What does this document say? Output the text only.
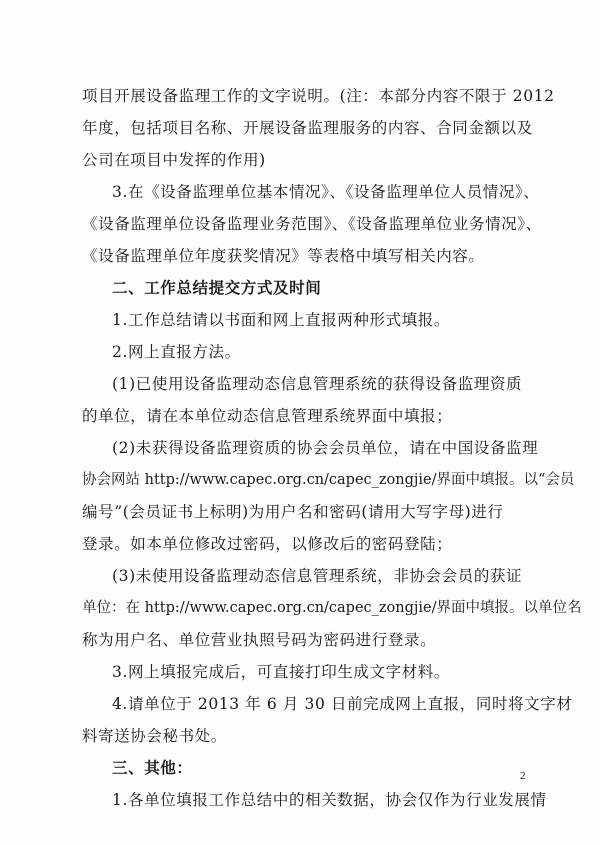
项目开展设备监理工作的文字说明。(注：本部分内容不限于 2012
年度，包括项目名称、开展设备监理服务的内容、合同金额以及
公司在项目中发挥的作用)
3.在《设备监理单位基本情况》、《设备监理单位人员情况》、
《设备监理单位设备监理业务范围》、《设备监理单位业务情况》、
《设备监理单位年度获奖情况》等表格中填写相关内容。
二、工作总结提交方式及时间
1.工作总结请以书面和网上直报两种形式填报。
2.网上直报方法。
(1)已使用设备监理动态信息管理系统的获得设备监理资质
的单位，请在本单位动态信息管理系统界面中填报；
(2)未获得设备监理资质的协会会员单位，请在中国设备监理
协会网站 http://www.capec.org.cn/capec_zongjie/界面中填报。以“会员
编号”(会员证书上标明)为用户名和密码(请用大写字母)进行
登录。如本单位修改过密码，以修改后的密码登陆；
(3)未使用设备监理动态信息管理系统，非协会会员的获证
单位：在 http://www.capec.org.cn/capec_zongjie/界面中填报。以单位名
称为用户名、单位营业执照号码为密码进行登录。
3.网上填报完成后，可直接打印生成文字材料。
4.请单位于 2013 年 6 月 30 日前完成网上直报，同时将文字材
料寄送协会秘书处。
三、其他：	2
1.各单位填报工作总结中的相关数据，协会仅作为行业发展情
